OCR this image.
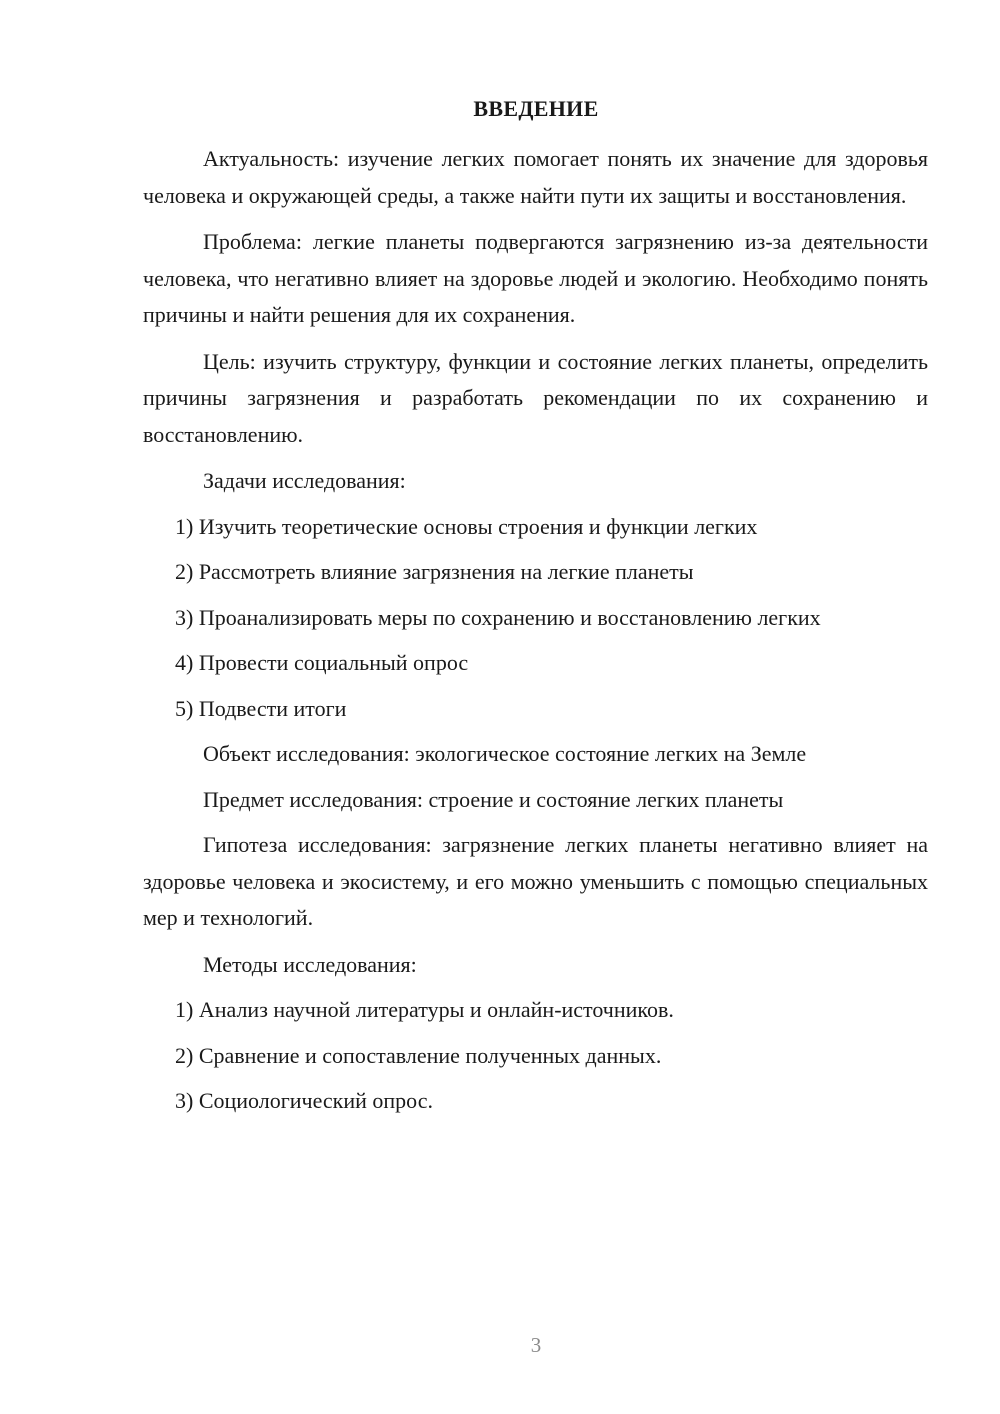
ВВЕДЕНИЕ

Актуальность: изучение легких помогает понять их значение для здоровья человека и окружающей среды, а также найти пути их защиты и восстановления.

Проблема: легкие планеты подвергаются загрязнению из-за деятельности человека, что негативно влияет на здоровье людей и экологию. Необходимо понять причины и найти решения для их сохранения.

Цель: изучить структуру, функции и состояние легких планеты, определить причины загрязнения и разработать рекомендации по их сохранению и восстановлению.

Задачи исследования:

1) Изучить теоретические основы строения и функции легких

2) Рассмотреть влияние загрязнения на легкие планеты

3) Проанализировать меры по сохранению и восстановлению легких

4) Провести социальный опрос

5) Подвести итоги

Объект исследования: экологическое состояние легких на Земле

Предмет исследования: строение и состояние легких планеты

Гипотеза исследования: загрязнение легких планеты негативно влияет на здоровье человека и экосистему, и его можно уменьшить с помощью специальных мер и технологий.

Методы исследования:

1) Анализ научной литературы и онлайн-источников.

2) Сравнение и сопоставление полученных данных.

3) Социологический опрос.

3
